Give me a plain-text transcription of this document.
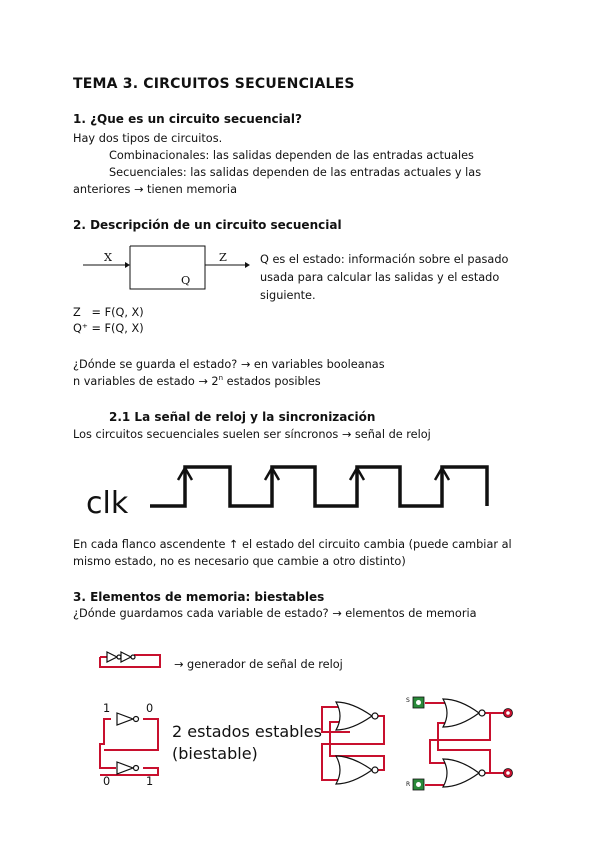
TEMA 3. CIRCUITOS SECUENCIALES
1. ¿Que es un circuito secuencial?
Hay dos tipos de circuitos.
Combinacionales: las salidas dependen de las entradas actuales
Secuenciales: las salidas dependen de las entradas actuales y las
anteriores → tienen memoria
2. Descripción de un circuito secuencial
X
Q
Z	Q es el estado: información sobre el pasado
usada para calcular las salidas y el estado
siguiente.
Z   = F(Q, X)
Q⁺ = F(Q, X)
¿Dónde se guarda el estado? → en variables booleanas
n variables de estado → $2^n$ estados posibles
2.1 La señal de reloj y la sincronización
Los circuitos secuenciales suelen ser síncronos → señal de reloj
clk
En cada flanco ascendente ↑ el estado del circuito cambia (puede cambiar al
mismo estado, no es necesario que cambie a otro distinto)
3. Elementos de memoria: biestables
¿Dónde guardamos cada variable de estado? → elementos de memoria
→ generador de señal de reloj
1	0
0	1
2 estados estables
(biestable)
S
R
